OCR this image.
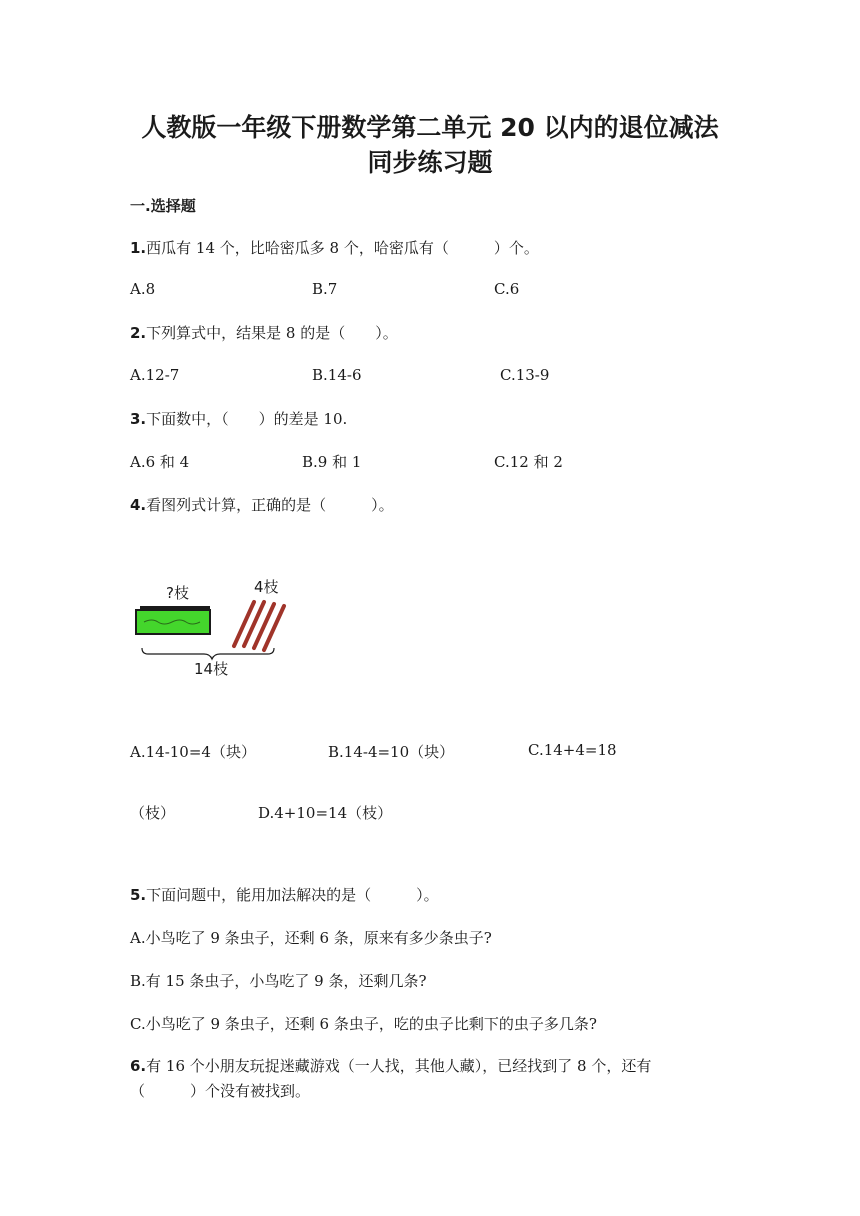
人教版一年级下册数学第二单元 20 以内的退位减法
同步练习题
一.选择题
1.西瓜有 14 个，比哈密瓜多 8 个，哈密瓜有（　　　）个。
A.8	B.7	C.6
2.下列算式中，结果是 8 的是（　　）。
A.12-7	B.14-6	C.13-9
3.下面数中，（　　）的差是 10.
A.6 和 4	B.9 和 1	C.12 和 2
4.看图列式计算，正确的是（　　　）。
?枝	4枝
14枝
A.14-10=4（块）	B.14-4=10（块）	C.14+4=18
（枝）	D.4+10=14（枝）
5.下面问题中，能用加法解决的是（　　　）。
A.小鸟吃了 9 条虫子，还剩 6 条，原来有多少条虫子?
B.有 15 条虫子，小鸟吃了 9 条，还剩几条?
C.小鸟吃了 9 条虫子，还剩 6 条虫子，吃的虫子比剩下的虫子多几条?
6.有 16 个小朋友玩捉迷藏游戏（一人找，其他人藏），已经找到了 8 个，还有
（　　　）个没有被找到。
